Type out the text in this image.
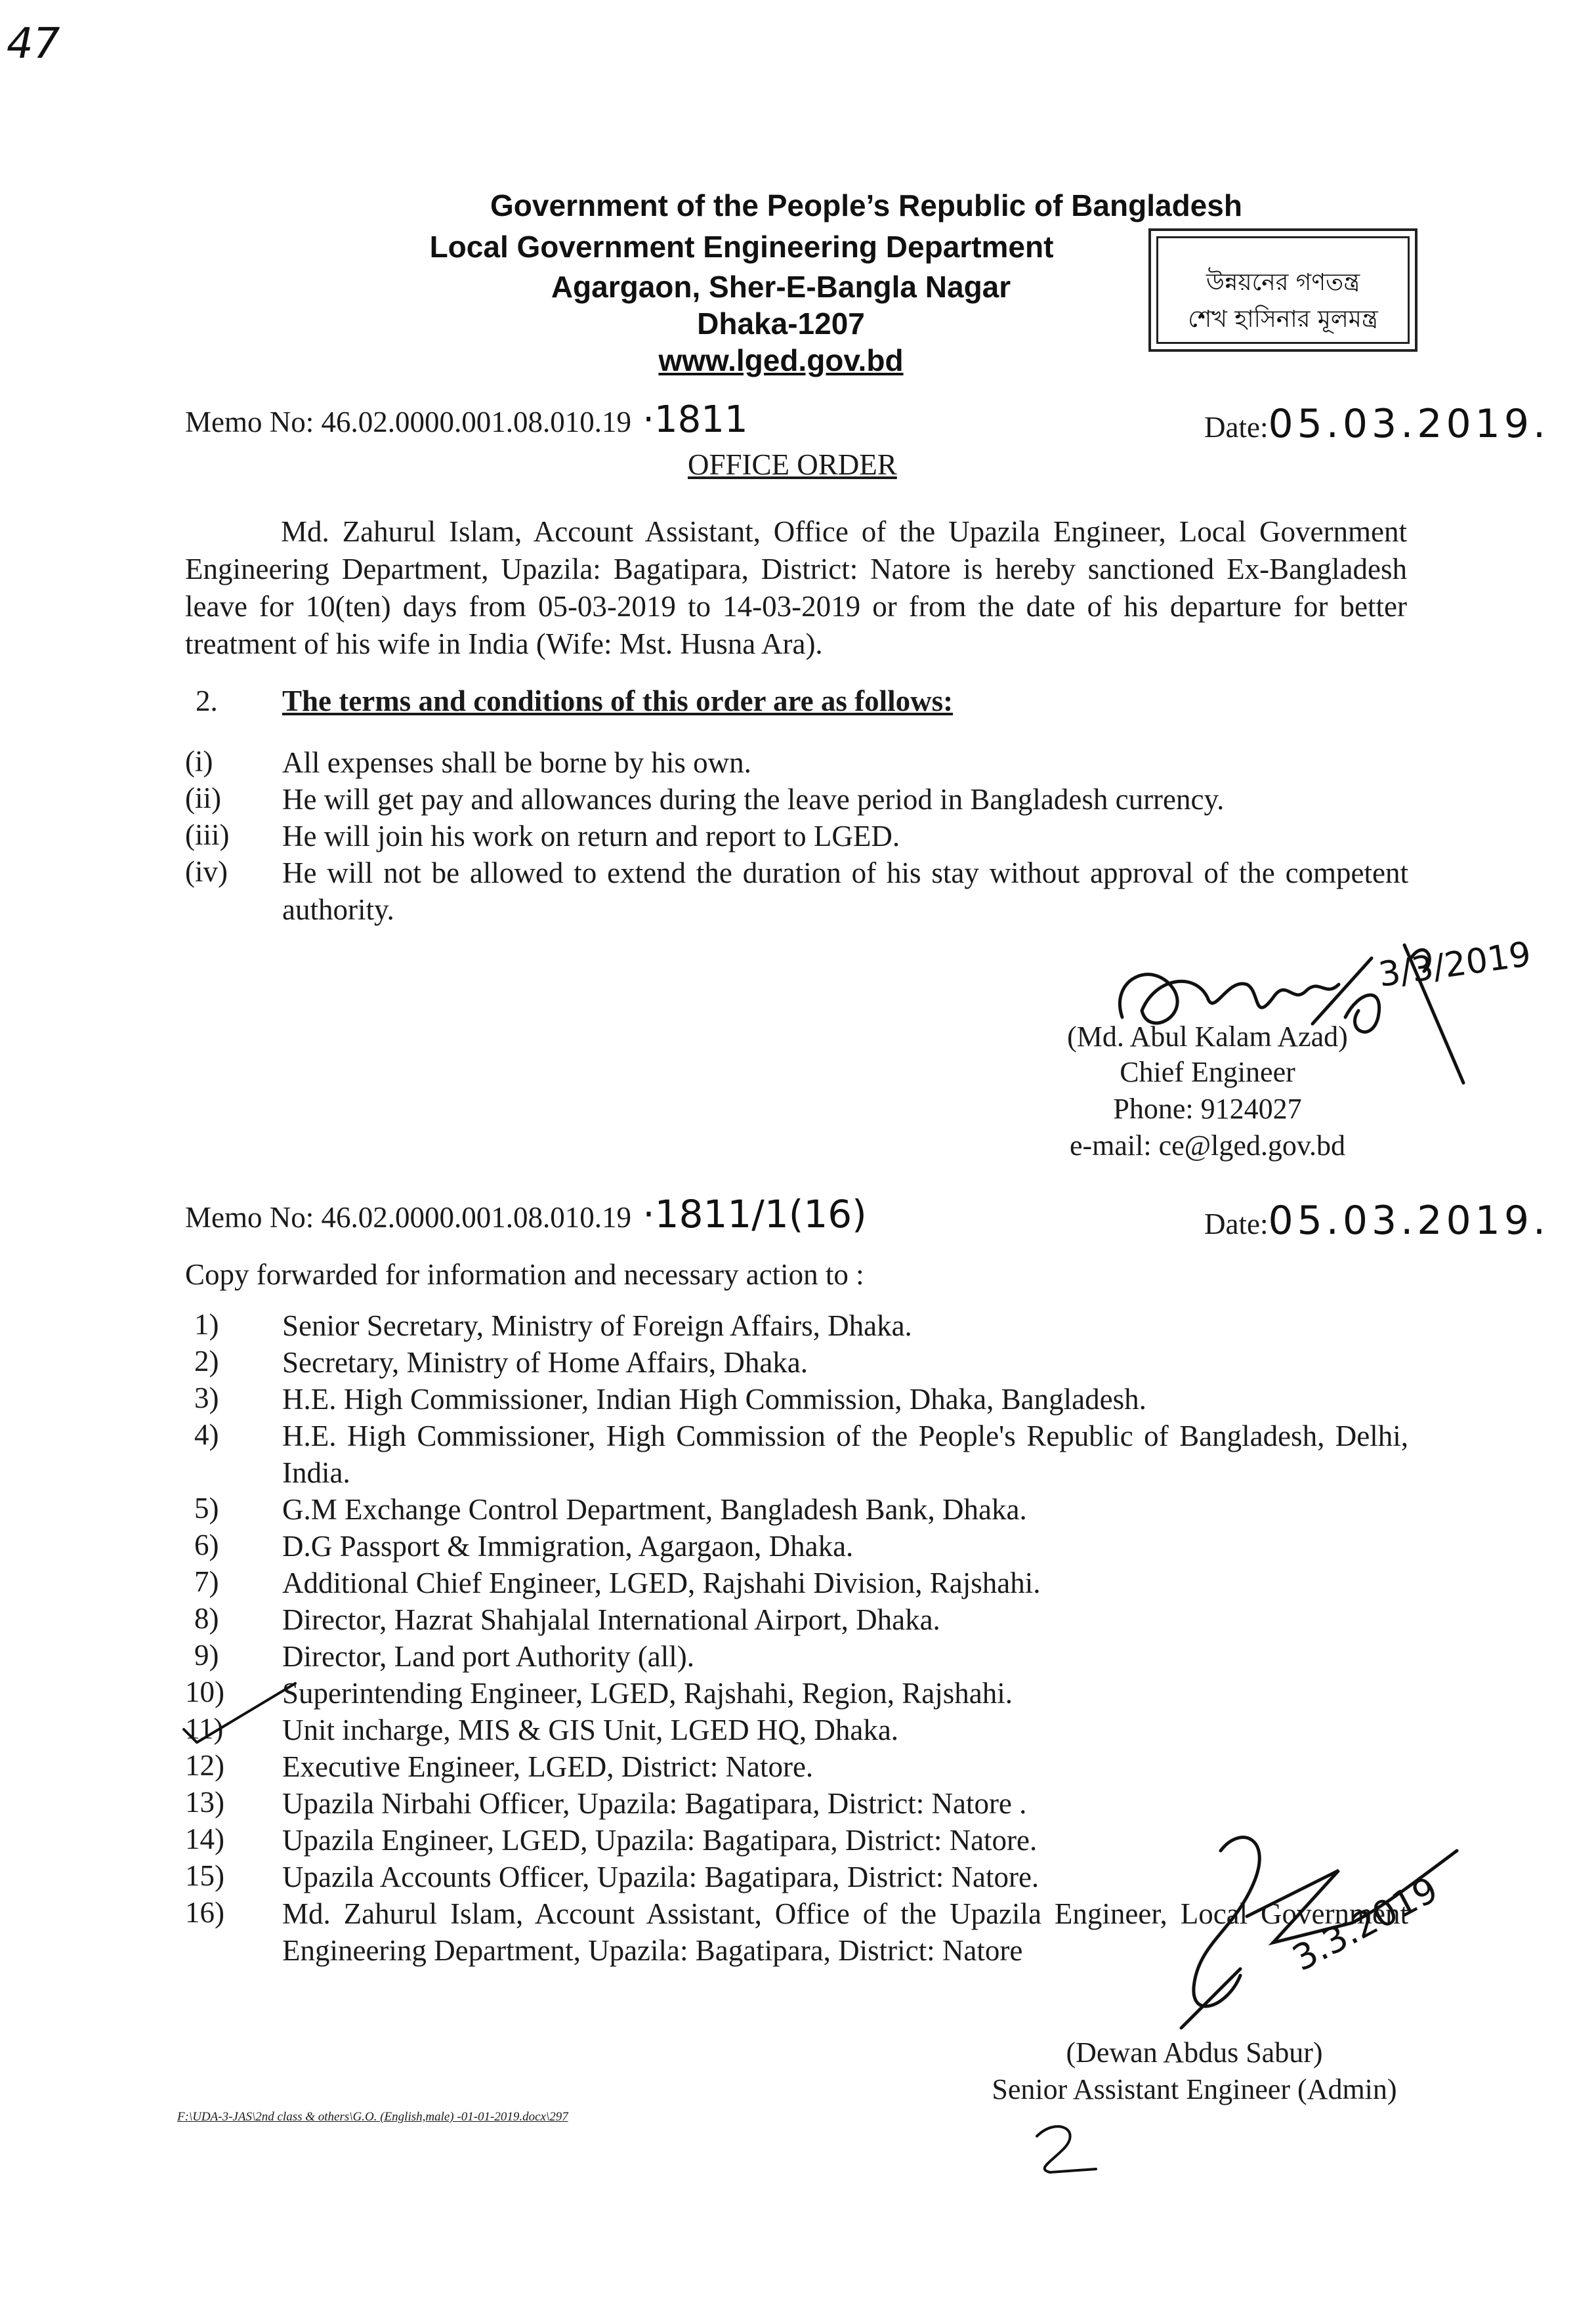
47
Government of the People’s Republic of Bangladesh
Local Government Engineering Department
Agargaon, Sher-E-Bangla Nagar
Dhaka-1207
www.lged.gov.bd
উন্নয়নের গণতন্ত্র
শেখ হাসিনার মূলমন্ত্র
Memo No: 46.02.0000.001.08.010.19 ·1811	Date:05.03.2019.
OFFICE ORDER
Md. Zahurul Islam, Account Assistant, Office of the Upazila Engineer, Local Government Engineering Department, Upazila: Bagatipara, District: Natore is hereby sanctioned Ex-Bangladesh leave for 10(ten) days from 05-03-2019 to 14-03-2019 or from the date of his departure for better treatment of his wife in India (Wife: Mst. Husna Ara).
2. The terms and conditions of this order are as follows:
(i) All expenses shall be borne by his own.
(ii) He will get pay and allowances during the leave period in Bangladesh currency.
(iii) He will join his work on return and report to LGED.
(iv) He will not be allowed to extend the duration of his stay without approval of the competent authority.
3/3/2019
(Md. Abul Kalam Azad)
Chief Engineer
Phone: 9124027
e-mail: ce@lged.gov.bd
Memo No: 46.02.0000.001.08.010.19 ·1811/1(16)	Date:05.03.2019.
Copy forwarded for information and necessary action to :
1) Senior Secretary, Ministry of Foreign Affairs, Dhaka.
2) Secretary, Ministry of Home Affairs, Dhaka.
3) H.E. High Commissioner, Indian High Commission, Dhaka, Bangladesh.
4) H.E. High Commissioner, High Commission of the People's Republic of Bangladesh, Delhi, India.
5) G.M Exchange Control Department, Bangladesh Bank, Dhaka.
6) D.G Passport & Immigration, Agargaon, Dhaka.
7) Additional Chief Engineer, LGED, Rajshahi Division, Rajshahi.
8) Director, Hazrat Shahjalal International Airport, Dhaka.
9) Director, Land port Authority (all).
10) Superintending Engineer, LGED, Rajshahi, Region, Rajshahi.
11) Unit incharge, MIS & GIS Unit, LGED HQ, Dhaka.
12) Executive Engineer, LGED, District: Natore.
13) Upazila Nirbahi Officer, Upazila: Bagatipara, District: Natore .
14) Upazila Engineer, LGED, Upazila: Bagatipara, District: Natore.
15) Upazila Accounts Officer, Upazila: Bagatipara, District: Natore.
16) Md. Zahurul Islam, Account Assistant, Office of the Upazila Engineer, Local Government Engineering Department, Upazila: Bagatipara, District: Natore	3.3.2019
(Dewan Abdus Sabur)
Senior Assistant Engineer (Admin)
F:\UDA-3-JAS\2nd class & others\G.O. (English,male) -01-01-2019.docx\297
